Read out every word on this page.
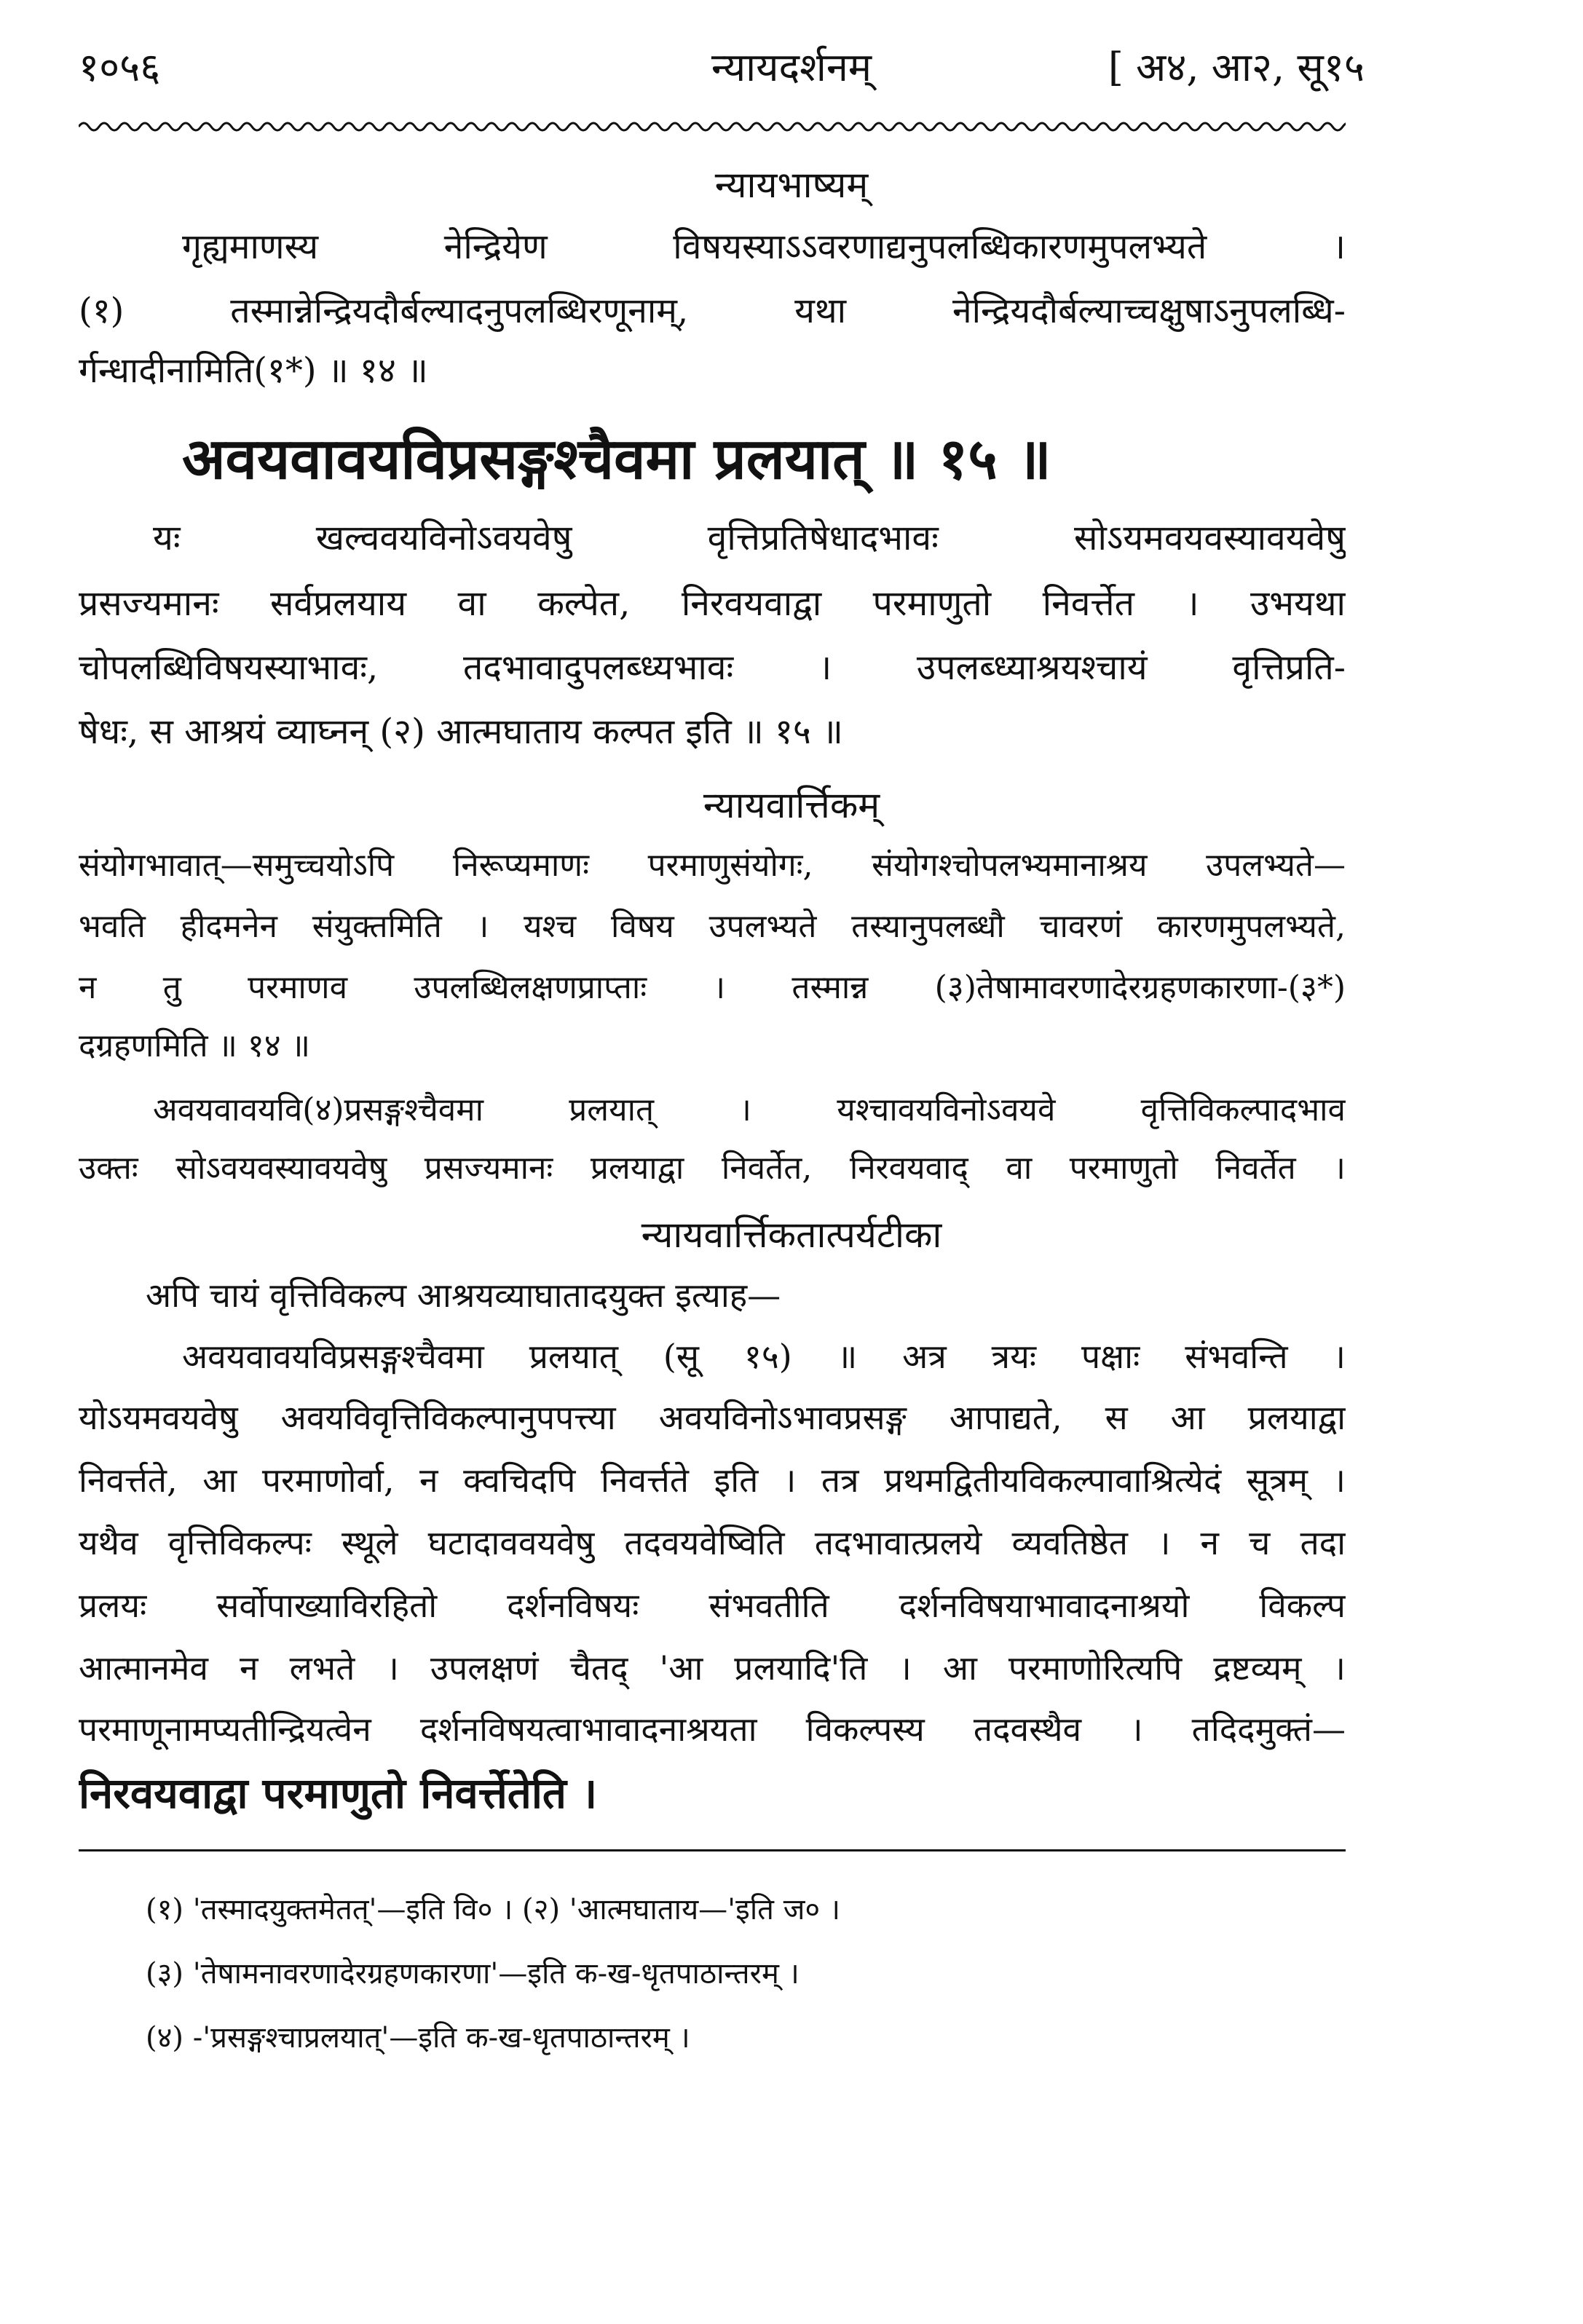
१०५६	न्यायदर्शनम्	[ अ४, आ२, सू१५
न्यायभाष्यम्
गृह्यमाणस्य नेन्द्रियेण विषयस्याऽऽवरणाद्यनुपलब्धिकारणमुपलभ्यते ।
(१) तस्मान्नेन्द्रियदौर्बल्यादनुपलब्धिरणूनाम्, यथा नेन्द्रियदौर्बल्याच्चक्षुषाऽनुपलब्धि-
र्गन्धादीनामिति(१*) ॥ १४ ॥
अवयवावयविप्रसङ्गश्चैवमा प्रलयात् ॥ १५ ॥
यः खल्ववयविनोऽवयवेषु वृत्तिप्रतिषेधादभावः सोऽयमवयवस्यावयवेषु
प्रसज्यमानः सर्वप्रलयाय वा कल्पेत, निरवयवाद्वा परमाणुतो निवर्त्तेत । उभयथा
चोपलब्धिविषयस्याभावः, तदभावादुपलब्ध्यभावः । उपलब्ध्याश्रयश्चायं वृत्तिप्रति-
षेधः, स आश्रयं व्याघ्नन् (२) आत्मघाताय कल्पत इति ॥ १५ ॥
न्यायवार्त्तिकम्
संयोगभावात्—समुच्चयोऽपि निरूप्यमाणः परमाणुसंयोगः, संयोगश्चोपलभ्यमानाश्रय उपलभ्यते—
भवति हीदमनेन संयुक्तमिति । यश्च विषय उपलभ्यते तस्यानुपलब्धौ चावरणं कारणमुपलभ्यते,
न तु परमाणव उपलब्धिलक्षणप्राप्ताः । तस्मान्न (३)तेषामावरणादेरग्रहणकारणा-(३*)
दग्रहणमिति ॥ १४ ॥
अवयवावयवि(४)प्रसङ्गश्चैवमा प्रलयात् । यश्चावयविनोऽवयवे वृत्तिविकल्पादभाव
उक्तः सोऽवयवस्यावयवेषु प्रसज्यमानः प्रलयाद्वा निवर्तेत, निरवयवाद् वा परमाणुतो निवर्तेत ।
न्यायवार्त्तिकतात्पर्यटीका
अपि चायं वृत्तिविकल्प आश्रयव्याघातादयुक्त इत्याह—
अवयवावयविप्रसङ्गश्चैवमा प्रलयात् (सू १५) ॥ अत्र त्रयः पक्षाः संभवन्ति ।
योऽयमवयवेषु अवयविवृत्तिविकल्पानुपपत्त्या अवयविनोऽभावप्रसङ्ग आपाद्यते, स आ प्रलयाद्वा
निवर्त्तते, आ परमाणोर्वा, न क्वचिदपि निवर्त्तते इति । तत्र प्रथमद्वितीयविकल्पावाश्रित्येदं सूत्रम् ।
यथैव वृत्तिविकल्पः स्थूले घटादाववयवेषु तदवयवेष्विति तदभावात्प्रलये व्यवतिष्ठेत । न च तदा
प्रलयः सर्वोपाख्याविरहितो दर्शनविषयः संभवतीति दर्शनविषयाभावादनाश्रयो विकल्प
आत्मानमेव न लभते । उपलक्षणं चैतद् 'आ प्रलयादि'ति । आ परमाणोरित्यपि द्रष्टव्यम् ।
परमाणूनामप्यतीन्द्रियत्वेन दर्शनविषयत्वाभावादनाश्रयता विकल्पस्य तदवस्थैव । तदिदमुक्तं—
निरवयवाद्वा परमाणुतो निवर्त्तेतेति ।
(१) 'तस्मादयुक्तमेतत्'—इति वि० । (२) 'आत्मघाताय—'इति ज० ।
(३) 'तेषामनावरणादेरग्रहणकारणा'—इति क-ख-धृतपाठान्तरम् ।
(४) -'प्रसङ्गश्चाप्रलयात्'—इति क-ख-धृतपाठान्तरम् ।
